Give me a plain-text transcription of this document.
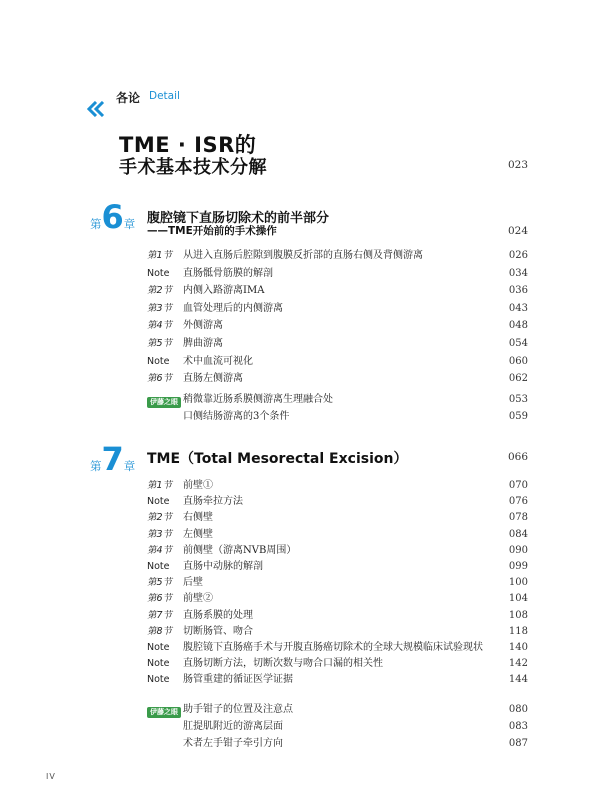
各论 Detail
TME · ISR的
手术基本技术分解	023
第6章 腹腔镜下直肠切除术的前半部分
——TME开始前的手术操作	024
第1节	从进入直肠后腔隙到腹膜反折部的直肠右侧及背侧游离	026
Note	直肠骶骨筋膜的解剖	034
第2节	内侧入路游离IMA	036
第3节	血管处理后的内侧游离	043
第4节	外侧游离	048
第5节	脾曲游离	054
Note	术中血流可视化	060
第6节	直肠左侧游离	062
伊藤之眼 稍微靠近肠系膜侧游离生理融合处	053
口侧结肠游离的3个条件	059
第7章 TME（Total Mesorectal Excision）	066
第1节	前壁①	070
Note	直肠牵拉方法	076
第2节	右侧壁	078
第3节	左侧壁	084
第4节	前侧壁（游离NVB周围）	090
Note	直肠中动脉的解剖	099
第5节	后壁	100
第6节	前壁②	104
第7节	直肠系膜的处理	108
第8节	切断肠管、吻合	118
Note	腹腔镜下直肠癌手术与开腹直肠癌切除术的全球大规模临床试验现状	140
Note	直肠切断方法，切断次数与吻合口漏的相关性	142
Note	肠管重建的循证医学证据	144
伊藤之眼 助手钳子的位置及注意点	080
肛提肌附近的游离层面	083
术者左手钳子牵引方向	087
IV
